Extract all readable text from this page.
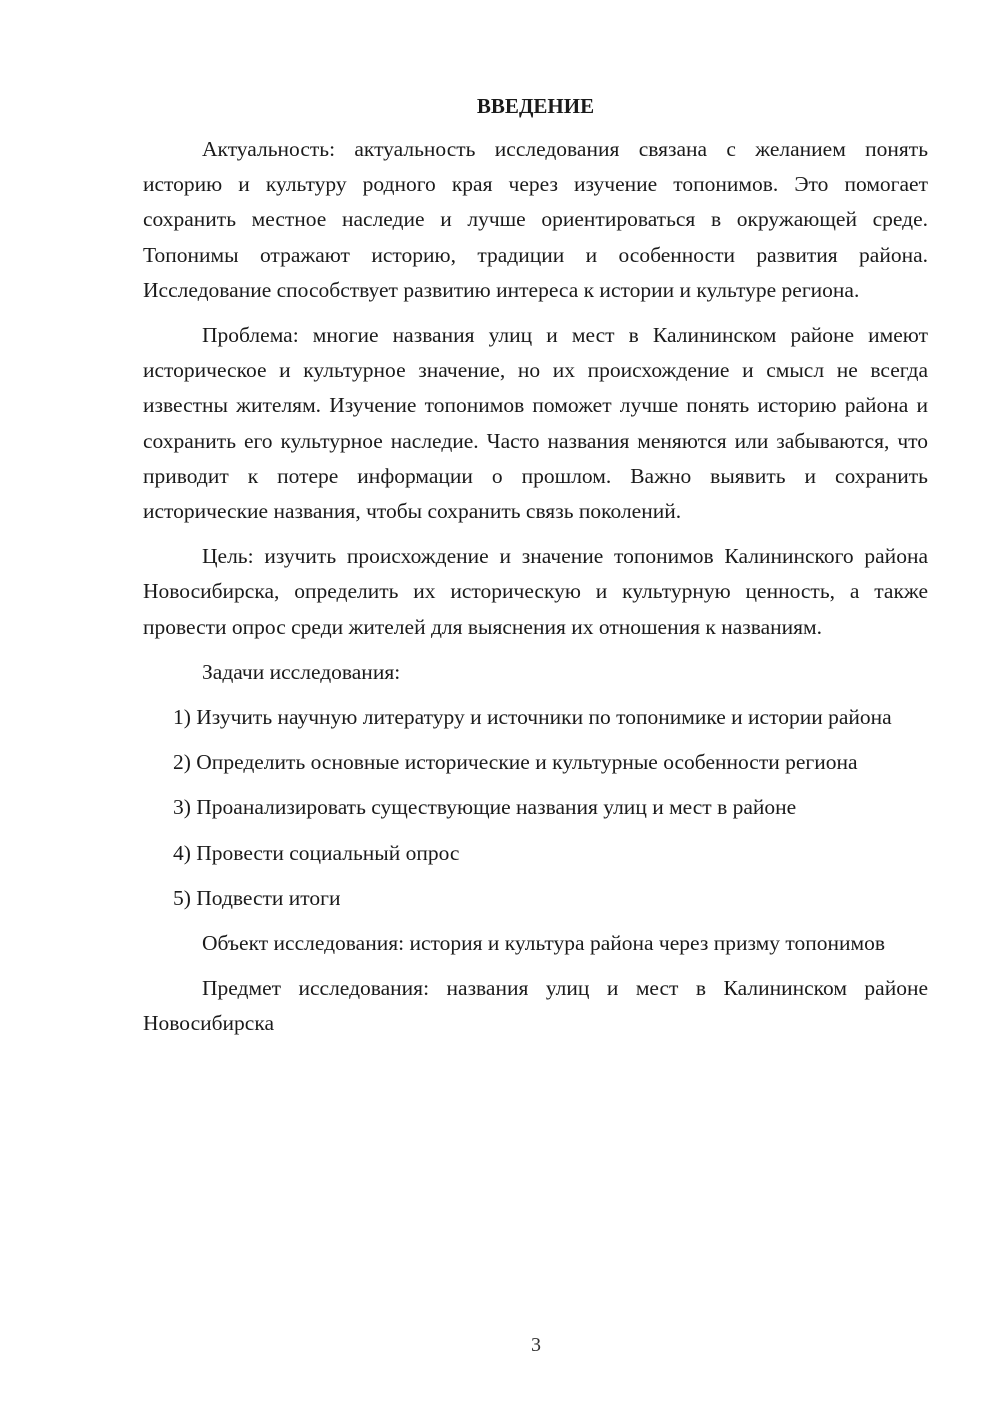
ВВЕДЕНИЕ

Актуальность: актуальность исследования связана с желанием понять историю и культуру родного края через изучение топонимов. Это помогает сохранить местное наследие и лучше ориентироваться в окружающей среде. Топонимы отражают историю, традиции и особенности развития района. Исследование способствует развитию интереса к истории и культуре региона.

Проблема: многие названия улиц и мест в Калининском районе имеют историческое и культурное значение, но их происхождение и смысл не всегда известны жителям. Изучение топонимов поможет лучше понять историю района и сохранить его культурное наследие. Часто названия меняются или забываются, что приводит к потере информации о прошлом. Важно выявить и сохранить исторические названия, чтобы сохранить связь поколений.

Цель: изучить происхождение и значение топонимов Калининского района Новосибирска, определить их историческую и культурную ценность, а также провести опрос среди жителей для выяснения их отношения к названиям.

Задачи исследования:

1) Изучить научную литературу и источники по топонимике и истории района

2) Определить основные исторические и культурные особенности региона

3) Проанализировать существующие названия улиц и мест в районе

4) Провести социальный опрос

5) Подвести итоги

Объект исследования: история и культура района через призму топонимов

Предмет исследования: названия улиц и мест в Калининском районе Новосибирска

3
